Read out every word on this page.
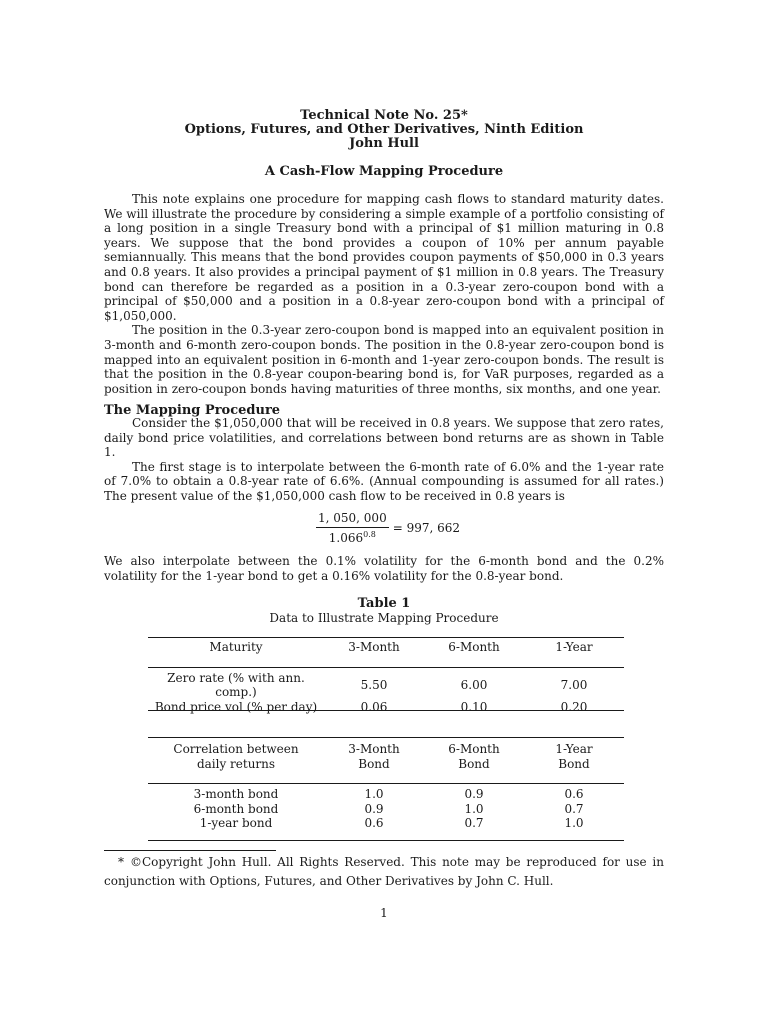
Technical Note No. 25*
Options, Futures, and Other Derivatives, Ninth Edition
John Hull
A Cash-Flow Mapping Procedure

This note explains one procedure for mapping cash flows to standard maturity dates. We will illustrate the procedure by considering a simple example of a portfolio consisting of a long position in a single Treasury bond with a principal of $1 million maturing in 0.8 years. We suppose that the bond provides a coupon of 10% per annum payable semiannually. This means that the bond provides coupon payments of $50,000 in 0.3 years and 0.8 years. It also provides a principal payment of $1 million in 0.8 years. The Treasury bond can therefore be regarded as a position in a 0.3-year zero-coupon bond with a principal of $50,000 and a position in a 0.8-year zero-coupon bond with a principal of $1,050,000.

The position in the 0.3-year zero-coupon bond is mapped into an equivalent position in 3-month and 6-month zero-coupon bonds. The position in the 0.8-year zero-coupon bond is mapped into an equivalent position in 6-month and 1-year zero-coupon bonds. The result is that the position in the 0.8-year coupon-bearing bond is, for VaR purposes, regarded as a position in zero-coupon bonds having maturities of three months, six months, and one year.

The Mapping Procedure

Consider the $1,050,000 that will be received in 0.8 years. We suppose that zero rates, daily bond price volatilities, and correlations between bond returns are as shown in Table 1.

The first stage is to interpolate between the 6-month rate of 6.0% and the 1-year rate of 7.0% to obtain a 0.8-year rate of 6.6%. (Annual compounding is assumed for all rates.) The present value of the $1,050,000 cash flow to be received in 0.8 years is

$\frac{1, 050, 000}{1.066^{0.8}} = 997$, 662

We also interpolate between the 0.1% volatility for the 6-month bond and the 0.2% volatility for the 1-year bond to get a 0.16% volatility for the 0.8-year bond.

Table 1
Data to Illustrate Mapping Procedure
Maturity	3-Month	6-Month	1-Year
Zero rate (% with ann. comp.)	5.50	6.00	7.00
Bond price vol (% per day)	0.06	0.10	0.20
Correlation between	3-Month	6-Month	1-Year
daily returns	Bond	Bond	Bond
3-month bond	1.0	0.9	0.6
6-month bond	0.9	1.0	0.7
1-year bond	0.6	0.7	1.0
* ©Copyright John Hull. All Rights Reserved. This note may be reproduced for use in conjunction with Options, Futures, and Other Derivatives by John C. Hull.
1
